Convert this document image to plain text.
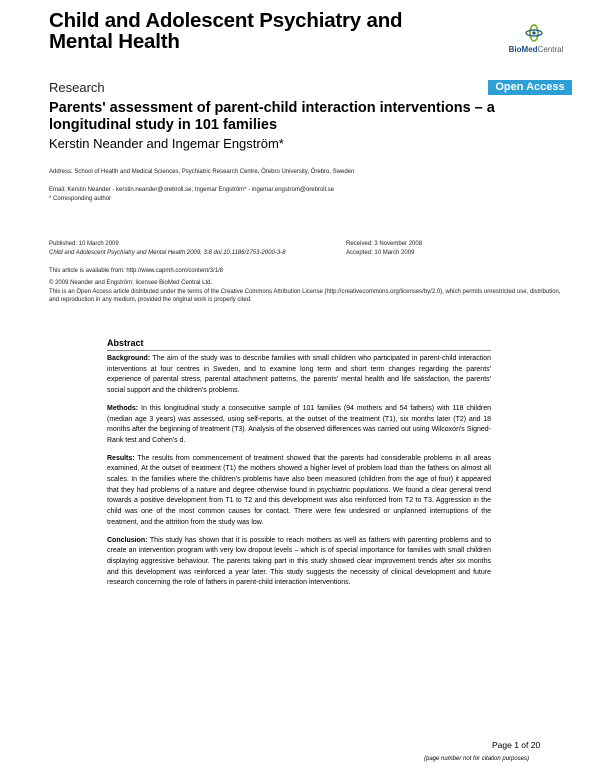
Child and Adolescent Psychiatry and Mental Health	BioMedCentral
Research	Open Access
Parents' assessment of parent-child interaction interventions – a longitudinal study in 101 families
Kerstin Neander and Ingemar Engström*
Address: School of Health and Medical Sciences, Psychiatric Research Centre, Örebro University, Örebro, Sweden
Email: Kerstin Neander - kerstin.neander@orebroll.se; Ingemar Engström* - ingemar.engstrom@orebroll.se
* Corresponding author
Published: 10 March 2009
Child and Adolescent Psychiatry and Mental Health 2009, 3:8 doi:10.1186/1753-2000-3-8
Received: 3 November 2008
Accepted: 10 March 2009
This article is available from: http://www.capmh.com/content/3/1/8
© 2009 Neander and Engström; licensee BioMed Central Ltd.
This is an Open Access article distributed under the terms of the Creative Commons Attribution License (http://creativecommons.org/licenses/by/2.0), which permits unrestricted use, distribution, and reproduction in any medium, provided the original work is properly cited.
Abstract

Background: The aim of the study was to describe families with small children who participated in parent-child interaction interventions at four centres in Sweden, and to examine long term and short term changes regarding the parents' experience of parental stress, parental attachment patterns, the parents' mental health and life satisfaction, the parents' social support and the children's problems.

Methods: In this longitudinal study a consecutive sample of 101 families (94 mothers and 54 fathers) with 118 children (median age 3 years) was assessed, using self-reports, at the outset of the treatment (T1), six months later (T2) and 18 months after the beginning of treatment (T3). Analysis of the observed differences was carried out using Wilcoxon's Signed-Rank test and Cohen's d.

Results: The results from commencement of treatment showed that the parents had considerable problems in all areas examined. At the outset of treatment (T1) the mothers showed a higher level of problem load than the fathers on almost all scales. In the families where the children's problems have also been measured (children from the age of four) it appeared that they had problems of a nature and degree otherwise found in psychiatric populations. We found a clear general trend towards a positive development from T1 to T2 and this development was also reinforced from T2 to T3. Aggression in the child was one of the most common causes for contact. There were few undesired or unplanned interruptions of the treatment, and the attrition from the study was low.

Conclusion: This study has shown that it is possible to reach mothers as well as fathers with parenting problems and to create an intervention program with very low dropout levels – which is of special importance for families with small children displaying aggressive behaviour. The parents taking part in this study showed clear improvement trends after six months and this development was reinforced a year later. This study suggests the necessity of clinical development and future research concerning the role of fathers in parent-child interaction interventions.

Page 1 of 20
(page number not for citation purposes)
